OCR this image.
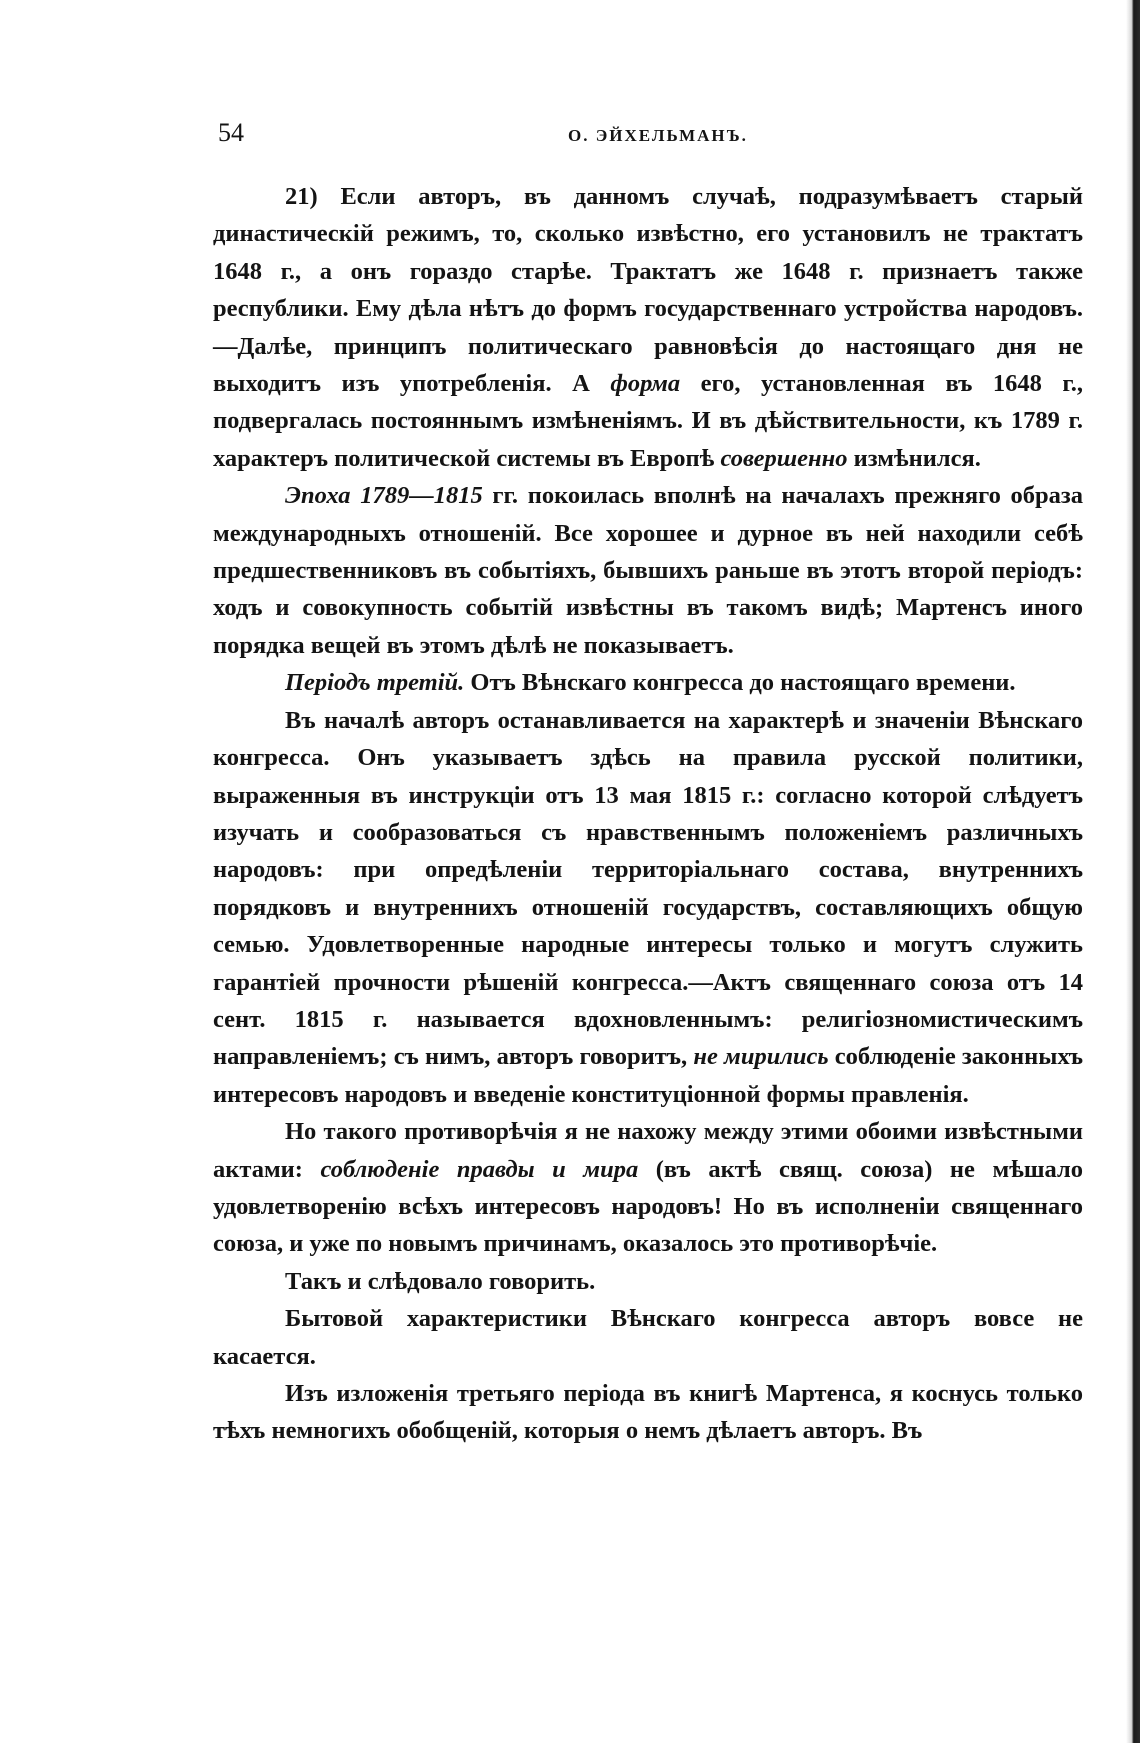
54	О. ЭЙХЕЛЬМАНЪ.

21) Если авторъ, въ данномъ случаѣ, подразумѣваетъ старый династическій режимъ, то, сколько извѣстно, его установилъ не трактатъ 1648 г., а онъ гораздо старѣе. Трактатъ же 1648 г. признаетъ также республики. Ему дѣла нѣтъ до формъ государственнаго устройства народовъ.—Далѣе, принципъ политическаго равновѣсія до настоящаго дня не выходитъ изъ употребленія. А форма его, установленная въ 1648 г., подвергалась постояннымъ измѣненіямъ. И въ дѣйствительности, къ 1789 г. характеръ политической системы въ Европѣ совершенно измѣнился.

Эпоха 1789—1815 гг. покоилась вполнѣ на началахъ прежняго образа международныхъ отношеній. Все хорошее и дурное въ ней находили себѣ предшественниковъ въ событіяхъ, бывшихъ раньше въ этотъ второй періодъ: ходъ и совокупность событій извѣстны въ такомъ видѣ; Мартенсъ иного порядка вещей въ этомъ дѣлѣ не показываетъ.

Періодъ третій. Отъ Вѣнскаго конгресса до настоящаго времени.

Въ началѣ авторъ останавливается на характерѣ и значеніи Вѣнскаго конгресса. Онъ указываетъ здѣсь на правила русской политики, выраженныя въ инструкціи отъ 13 мая 1815 г.: согласно которой слѣдуетъ изучать и сообразоваться съ нравственнымъ положеніемъ различныхъ народовъ: при опредѣленіи территоріальнаго состава, внутреннихъ порядковъ и внутреннихъ отношеній государствъ, составляющихъ общую семью. Удовлетворенные народные интересы только и могутъ служить гарантіей прочности рѣшеній конгресса.—Актъ священнаго союза отъ 14 сент. 1815 г. называется вдохновленнымъ: религіозномистическимъ направленіемъ; съ нимъ, авторъ говоритъ, не мирились соблюденіе законныхъ интересовъ народовъ и введеніе конституціонной формы правленія.

Но такого противорѣчія я не нахожу между этими обоими извѣстными актами: соблюденіе правды и мира (въ актѣ свящ. союза) не мѣшало удовлетворенію всѣхъ интересовъ народовъ! Но въ исполненіи священнаго союза, и уже по новымъ причинамъ, оказалось это противорѣчіе.

Такъ и слѣдовало говорить.

Бытовой характеристики Вѣнскаго конгресса авторъ вовсе не касается.

Изъ изложенія третьяго періода въ книгѣ Мартенса, я коснусь только тѣхъ немногихъ обобщеній, которыя о немъ дѣлаетъ авторъ. Въ
